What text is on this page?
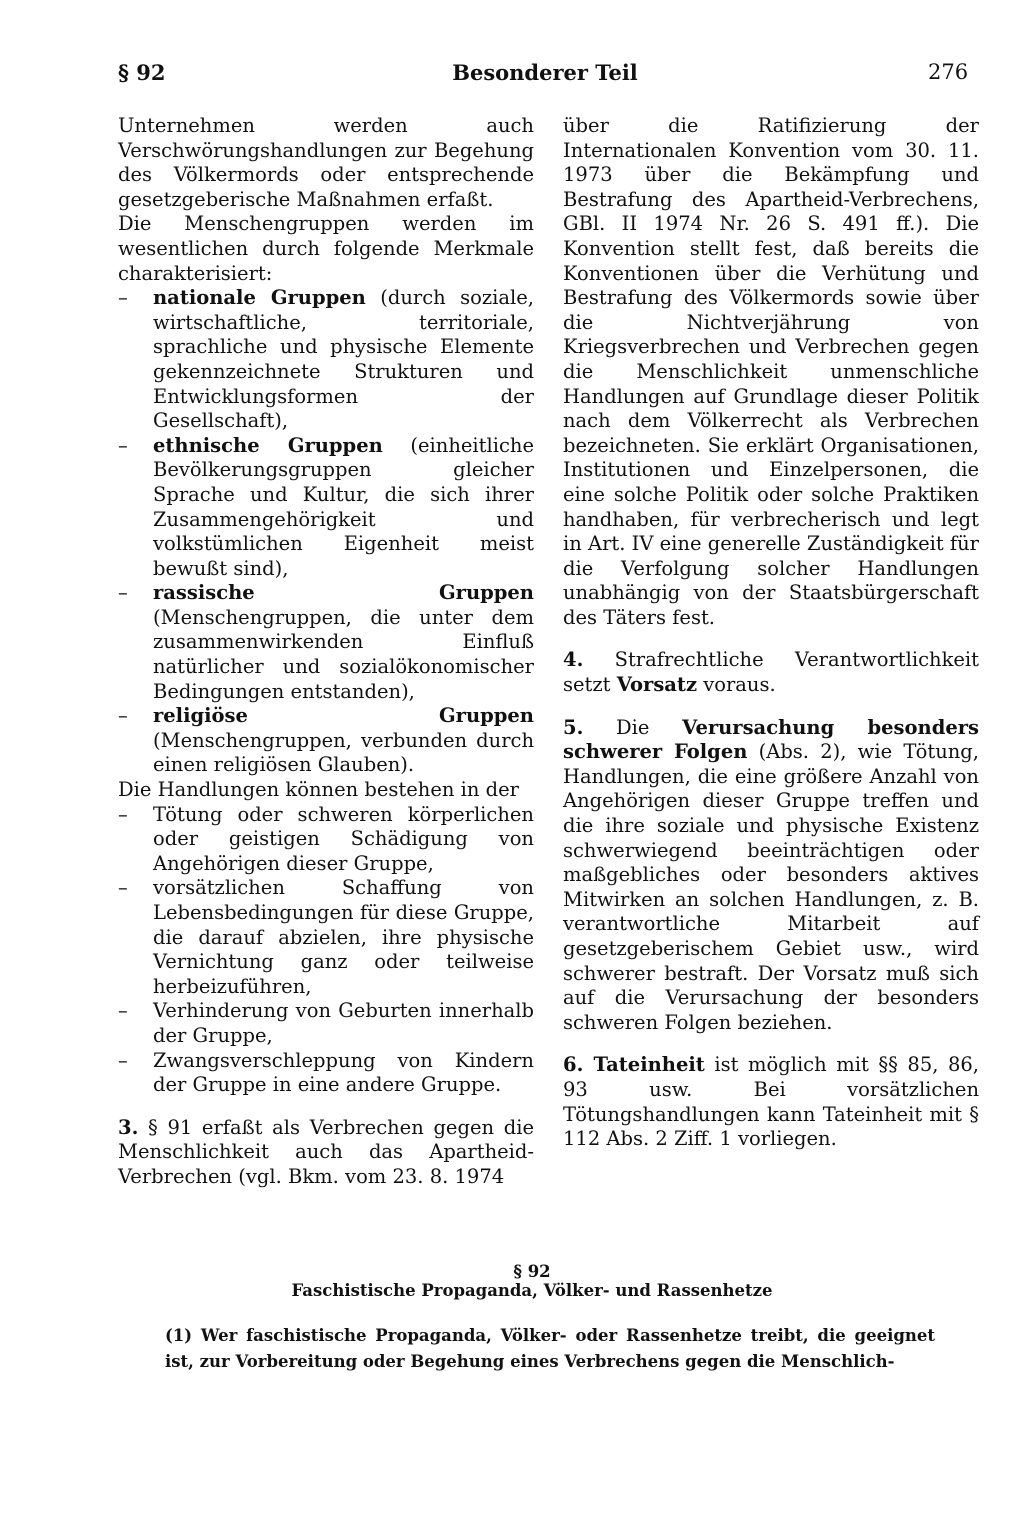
§ 92	Besonderer Teil	276

Unternehmen werden auch Verschwörungshandlungen zur Begehung des Völkermords oder entsprechende gesetzgeberische Maßnahmen erfaßt.

Die Menschengruppen werden im wesentlichen durch folgende Merkmale charakterisiert:

– nationale Gruppen (durch soziale, wirtschaftliche, territoriale, sprachliche und physische Elemente gekennzeichnete Strukturen und Entwicklungsformen der Gesellschaft),

– ethnische Gruppen (einheitliche Bevölkerungsgruppen gleicher Sprache und Kultur, die sich ihrer Zusammengehörigkeit und volkstümlichen Eigenheit meist bewußt sind),

– rassische Gruppen (Menschengruppen, die unter dem zusammenwirkenden Einfluß natürlicher und sozialökonomischer Bedingungen entstanden),

– religiöse Gruppen (Menschengruppen, verbunden durch einen religiösen Glauben).

Die Handlungen können bestehen in der

– Tötung oder schweren körperlichen oder geistigen Schädigung von Angehörigen dieser Gruppe,

– vorsätzlichen Schaffung von Lebensbedingungen für diese Gruppe, die darauf abzielen, ihre physische Vernichtung ganz oder teilweise herbeizuführen,

– Verhinderung von Geburten innerhalb der Gruppe,

– Zwangsverschleppung von Kindern der Gruppe in eine andere Gruppe.

3. § 91 erfaßt als Verbrechen gegen die Menschlichkeit auch das Apartheid-Verbrechen (vgl. Bkm. vom 23. 8. 1974

über die Ratifizierung der Internationalen Konvention vom 30. 11. 1973 über die Bekämpfung und Bestrafung des Apartheid-Verbrechens, GBl. II 1974 Nr. 26 S. 491 ff.). Die Konvention stellt fest, daß bereits die Konventionen über die Verhütung und Bestrafung des Völkermords sowie über die Nichtverjährung von Kriegsverbrechen und Verbrechen gegen die Menschlichkeit unmenschliche Handlungen auf Grundlage dieser Politik nach dem Völkerrecht als Verbrechen bezeichneten. Sie erklärt Organisationen, Institutionen und Einzelpersonen, die eine solche Politik oder solche Praktiken handhaben, für verbrecherisch und legt in Art. IV eine generelle Zuständigkeit für die Verfolgung solcher Handlungen unabhängig von der Staatsbürgerschaft des Täters fest.

4. Strafrechtliche Verantwortlichkeit setzt Vorsatz voraus.

5. Die Verursachung besonders schwerer Folgen (Abs. 2), wie Tötung, Handlungen, die eine größere Anzahl von Angehörigen dieser Gruppe treffen und die ihre soziale und physische Existenz schwerwiegend beeinträchtigen oder maßgebliches oder besonders aktives Mitwirken an solchen Handlungen, z. B. verantwortliche Mitarbeit auf gesetzgeberischem Gebiet usw., wird schwerer bestraft. Der Vorsatz muß sich auf die Verursachung der besonders schweren Folgen beziehen.

6. Tateinheit ist möglich mit §§ 85, 86, 93 usw. Bei vorsätzlichen Tötungshandlungen kann Tateinheit mit § 112 Abs. 2 Ziff. 1 vorliegen.

§ 92
Faschistische Propaganda, Völker- und Rassenhetze
(1) Wer faschistische Propaganda, Völker- oder Rassenhetze treibt, die geeignet ist, zur Vorbereitung oder Begehung eines Verbrechens gegen die Menschlich-
